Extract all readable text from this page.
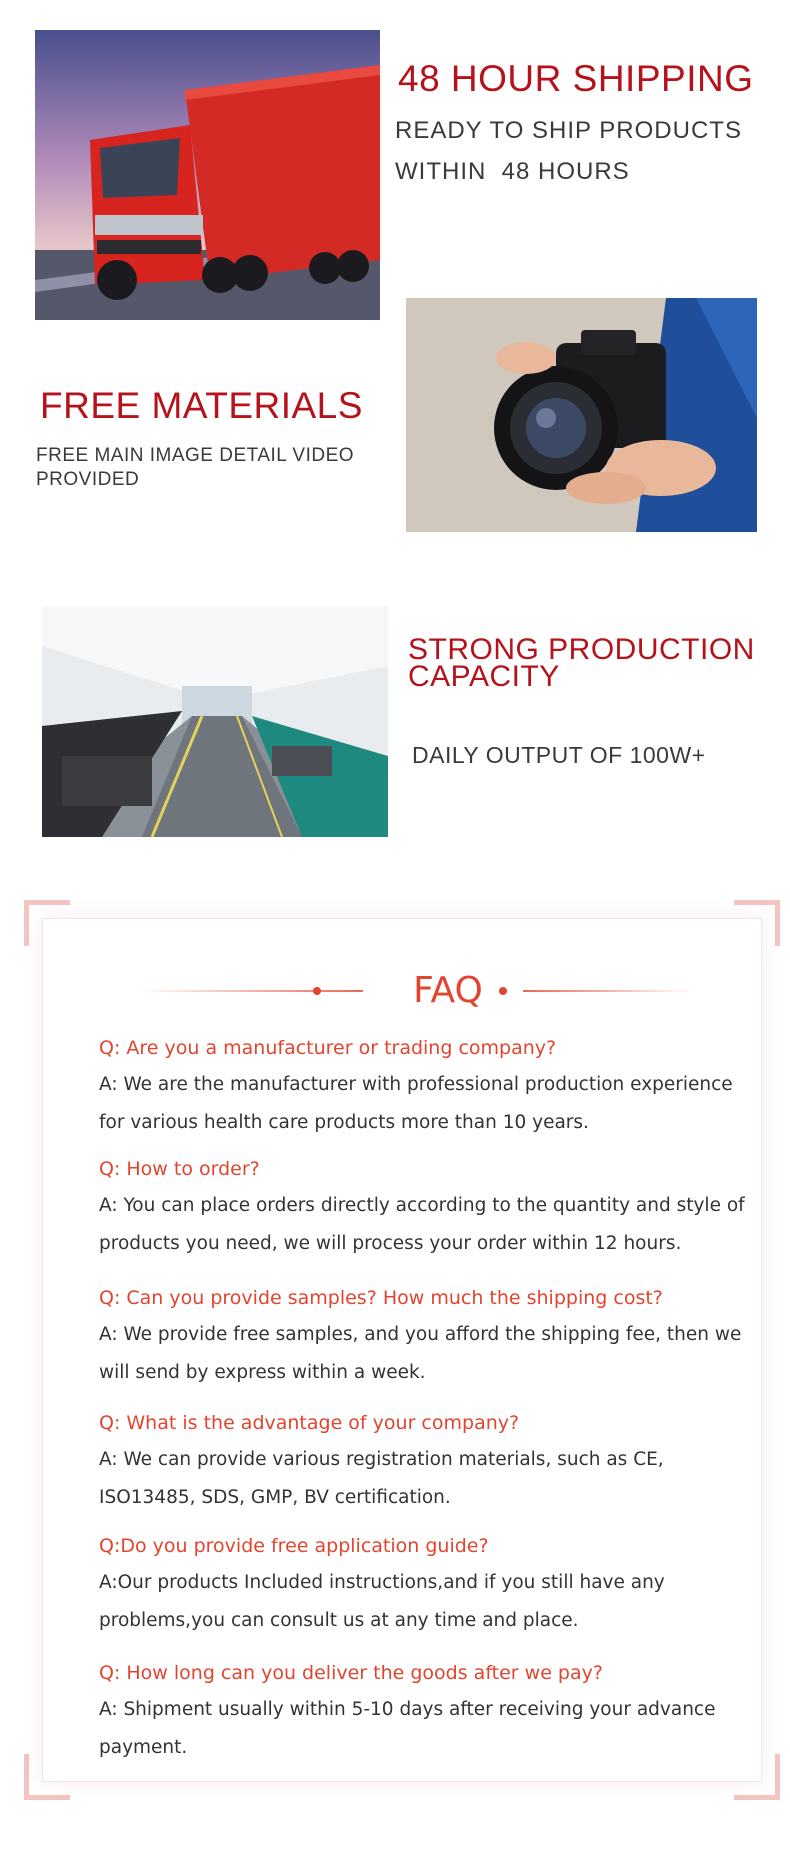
48 HOUR SHIPPING
READY TO SHIP PRODUCTS
WITHIN  48 HOURS
FREE MATERIALS
FREE MAIN IMAGE DETAIL VIDEO
PROVIDED
STRONG PRODUCTION
CAPACITY
DAILY OUTPUT OF 100W+
FAQ
Q: Are you a manufacturer or trading company?
A: We are the manufacturer with professional production experience for various health care products more than 10 years.
Q: How to order?
A: You can place orders directly according to the quantity and style of products you need, we will process your order within 12 hours.
Q: Can you provide samples? How much the shipping cost?
A: We provide free samples, and you afford the shipping fee, then we will send by express within a week.
Q: What is the advantage of your company?
A: We can provide various registration materials, such as CE, ISO13485, SDS, GMP, BV certification.
Q:Do you provide free application guide?
A:Our products Included instructions,and if you still have any problems,you can consult us at any time and place.
Q: How long can you deliver the goods after we pay?
A: Shipment usually within 5-10 days after receiving your advance payment.
